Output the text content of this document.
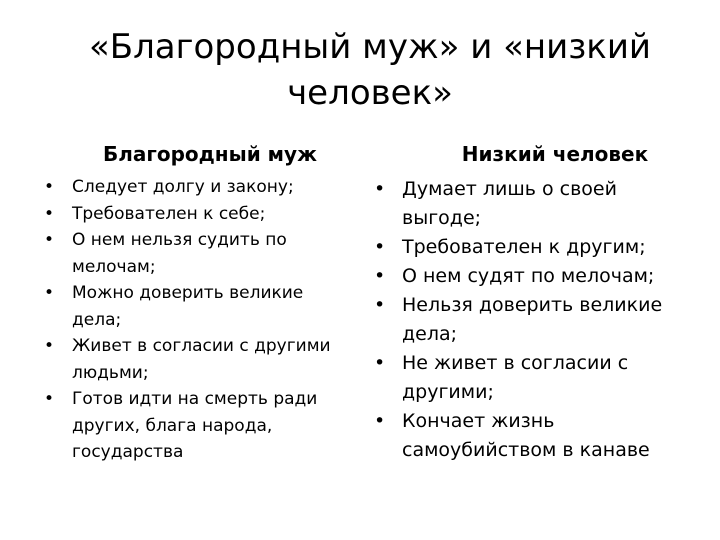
«Благородный муж» и «низкий человек»
Благородный муж	Низкий человек
• Следует долгу и закону;
• Требователен к себе;
• О нем нельзя судить по мелочам;
• Можно доверить великие дела;
• Живет в согласии с другими людьми;
• Готов идти на смерть ради других, блага народа, государства
• Думает лишь о своей выгоде;
• Требователен к другим;
• О нем судят по мелочам;
• Нельзя доверить великие дела;
• Не живет в согласии с другими;
• Кончает жизнь самоубийством в канаве
